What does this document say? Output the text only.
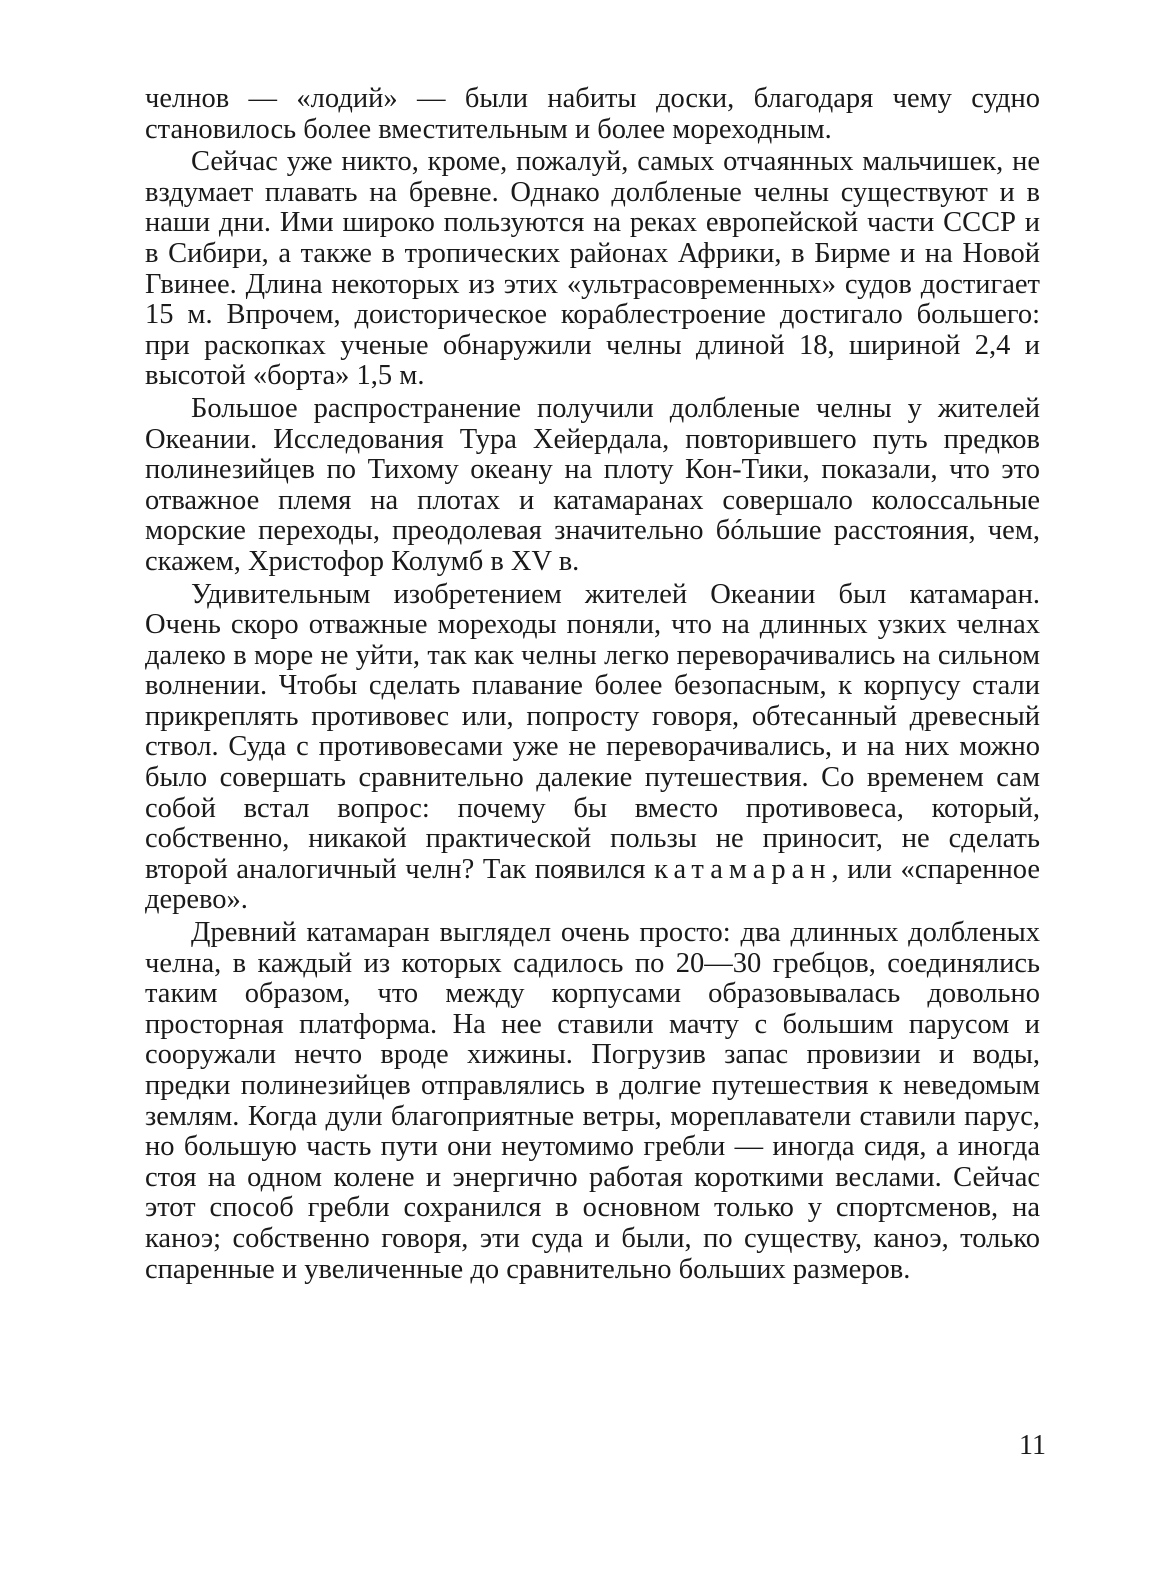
челнов — «лодий» — были набиты доски, благодаря чему судно становилось более вместительным и более мореходным.

Сейчас уже никто, кроме, пожалуй, самых отчаянных мальчишек, не вздумает плавать на бревне. Однако долбленые челны существуют и в наши дни. Ими широко пользуются на реках европейской части СССР и в Сибири, а также в тропических районах Африки, в Бирме и на Новой Гвинее. Длина некоторых из этих «ультрасовременных» судов достигает 15 м. Впрочем, доисторическое кораблестроение достигало большего: при раскопках ученые обнаружили челны длиной 18, шириной 2,4 и высотой «борта» 1,5 м.

Большое распространение получили долбленые челны у жителей Океании. Исследования Тура Хейердала, повторившего путь предков полинезийцев по Тихому океану на плоту Кон-Тики, показали, что это отважное племя на плотах и катамаранах совершало колоссальные морские переходы, преодолевая значительно бóльшие расстояния, чем, скажем, Христофор Колумб в XV в.

Удивительным изобретением жителей Океании был катамаран. Очень скоро отважные мореходы поняли, что на длинных узких челнах далеко в море не уйти, так как челны легко переворачивались на сильном волнении. Чтобы сделать плавание более безопасным, к корпусу стали прикреплять противовес или, попросту говоря, обтесанный древесный ствол. Суда с противовесами уже не переворачивались, и на них можно было совершать сравнительно далекие путешествия. Со временем сам собой встал вопрос: почему бы вместо противовеса, который, собственно, никакой практической пользы не приносит, не сделать второй аналогичный челн? Так появился катамаран, или «спаренное дерево».

Древний катамаран выглядел очень просто: два длинных долбленых челна, в каждый из которых садилось по 20—30 гребцов, соединялись таким образом, что между корпусами образовывалась довольно просторная платформа. На нее ставили мачту с большим парусом и сооружали нечто вроде хижины. Погрузив запас провизии и воды, предки полинезийцев отправлялись в долгие путешествия к неведомым землям. Когда дули благоприятные ветры, мореплаватели ставили парус, но большую часть пути они неутомимо гребли — иногда сидя, а иногда стоя на одном колене и энергично работая короткими веслами. Сейчас этот способ гребли сохранился в основном только у спортсменов, на каноэ; собственно говоря, эти суда и были, по существу, каноэ, только спаренные и увеличенные до сравнительно больших размеров.

11
